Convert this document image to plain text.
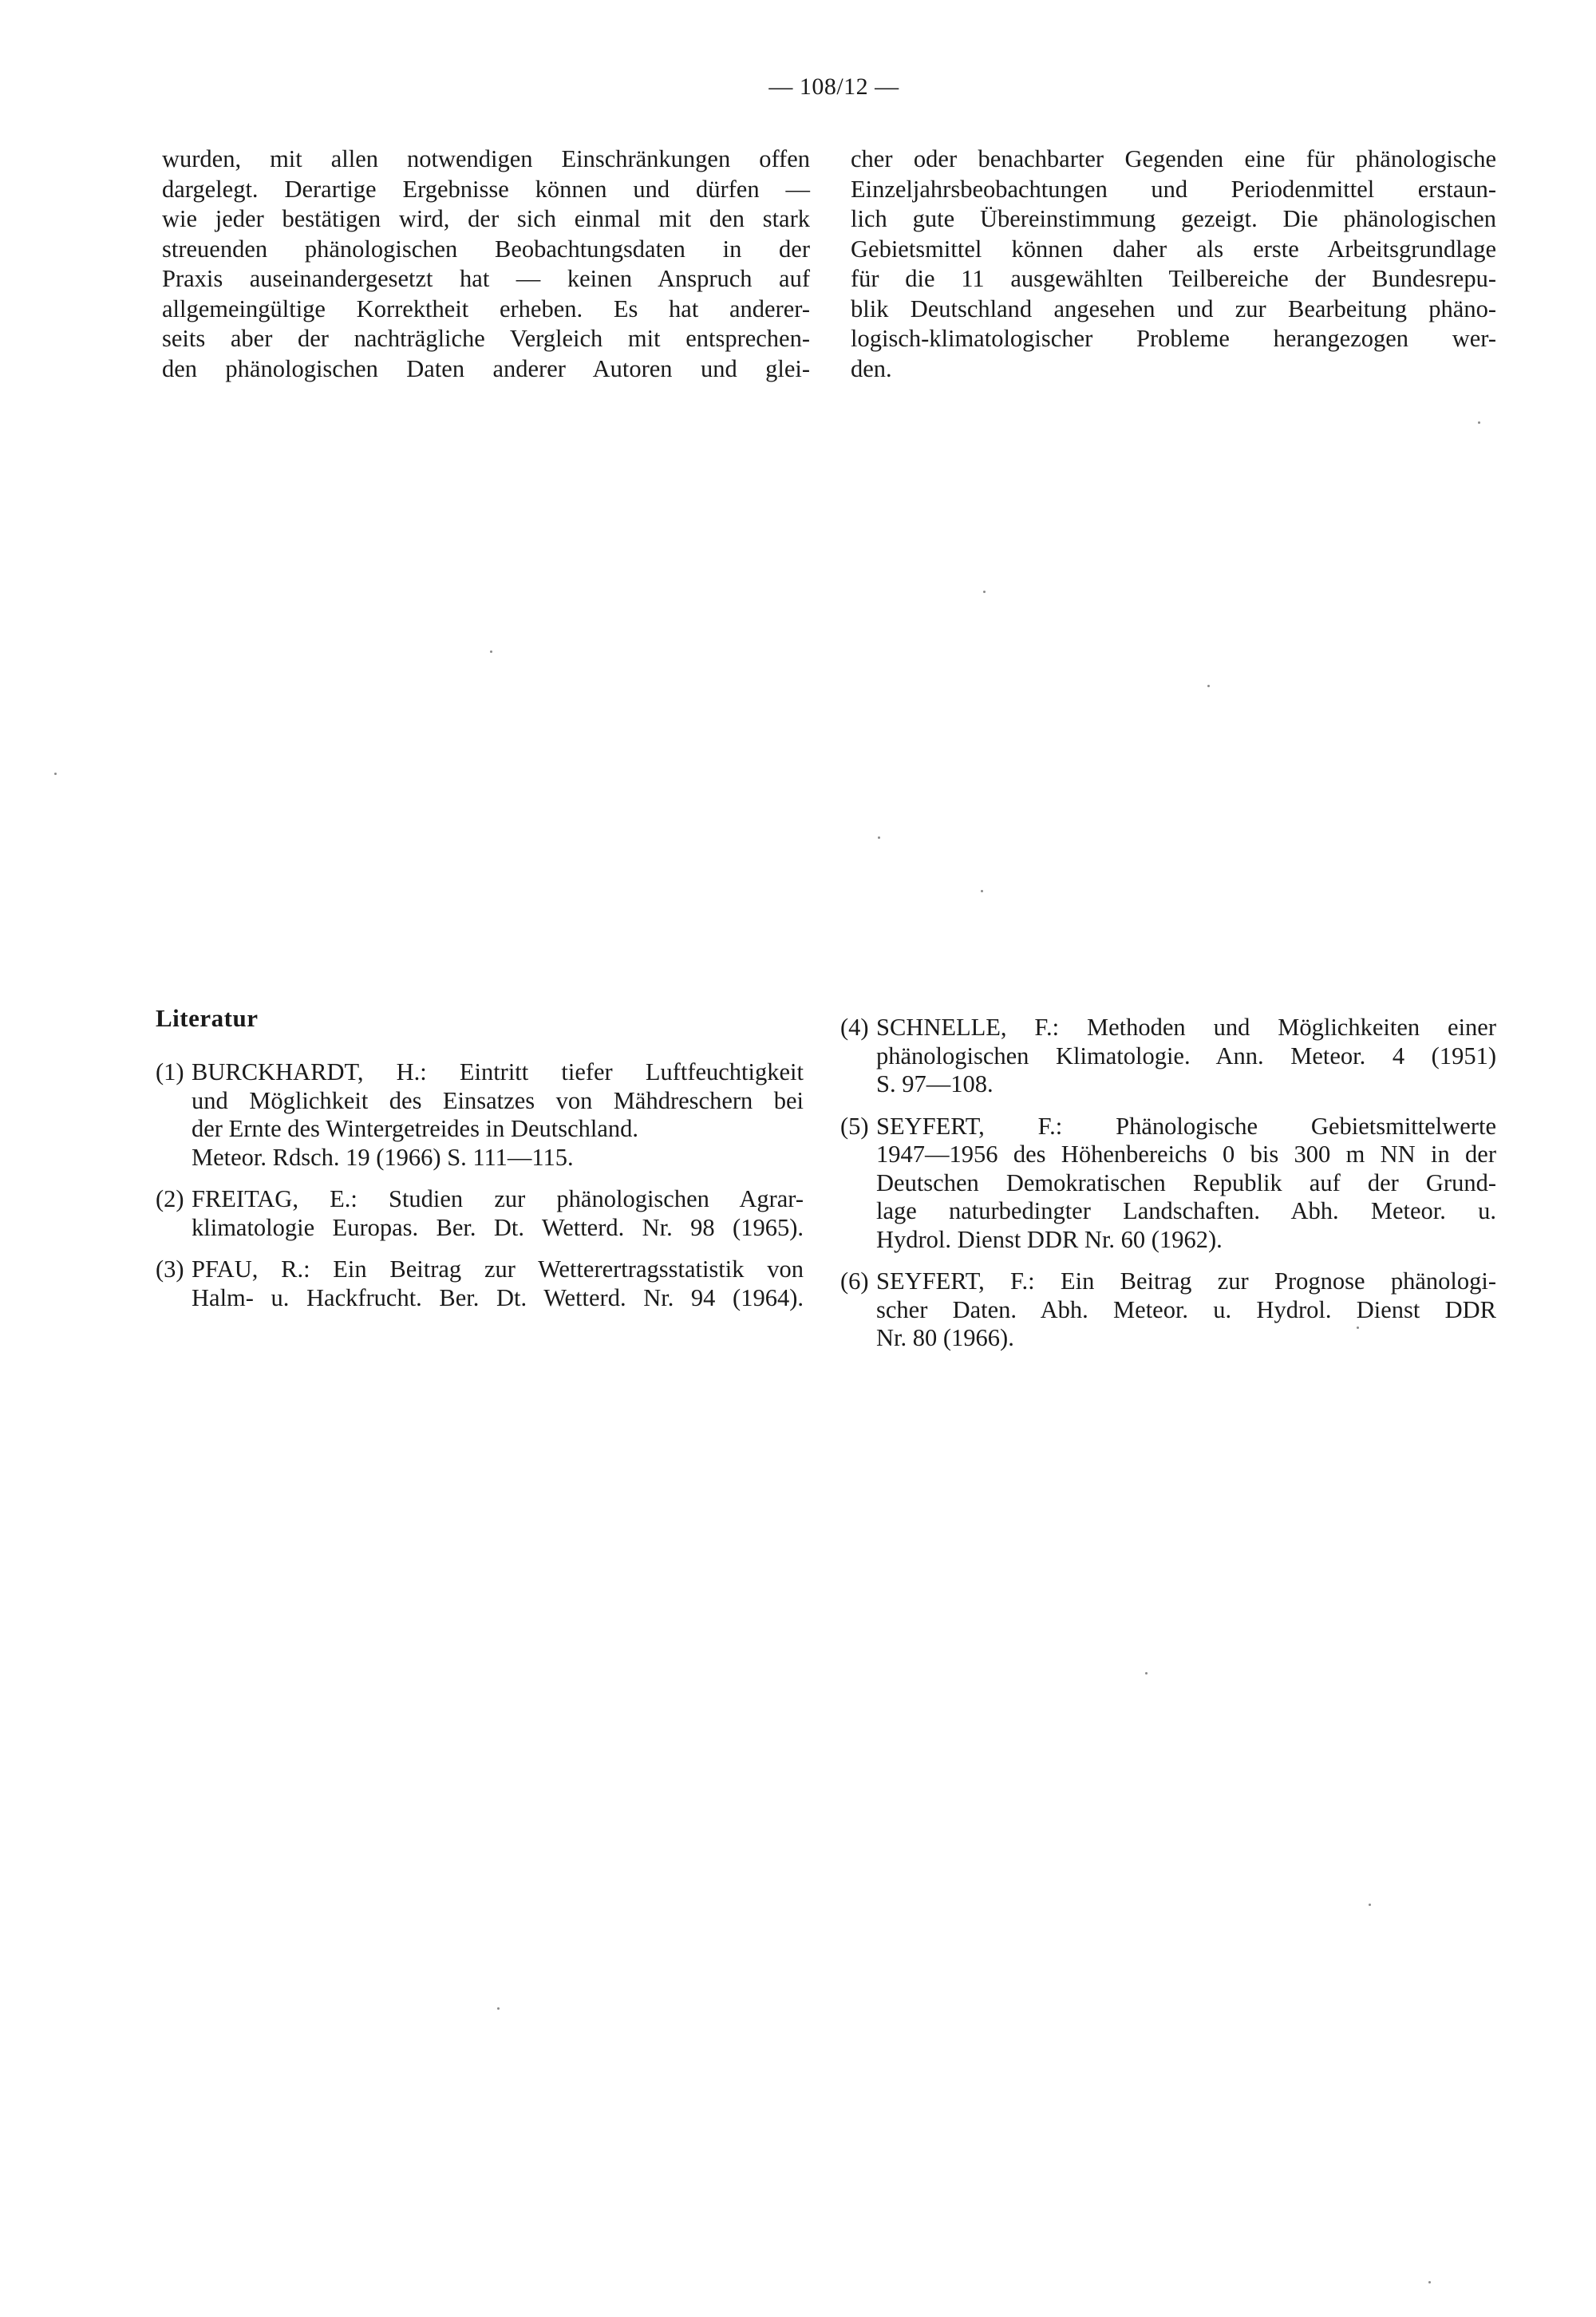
— 108/12 —
wurden, mit allen notwendigen Einschränkungen offen
dargelegt. Derartige Ergebnisse können und dürfen —
wie jeder bestätigen wird, der sich einmal mit den stark
streuenden phänologischen Beobachtungsdaten in der
Praxis auseinandergesetzt hat — keinen Anspruch auf
allgemeingültige Korrektheit erheben. Es hat anderer-
seits aber der nachträgliche Vergleich mit entsprechen-
den phänologischen Daten anderer Autoren und glei-
cher oder benachbarter Gegenden eine für phänologische
Einzeljahrsbeobachtungen und Periodenmittel erstaun-
lich gute Übereinstimmung gezeigt. Die phänologischen
Gebietsmittel können daher als erste Arbeitsgrundlage
für die 11 ausgewählten Teilbereiche der Bundesrepu-
blik Deutschland angesehen und zur Bearbeitung phäno-
logisch-klimatologischer Probleme herangezogen wer-
den.
Literatur
(1) BURCKHARDT, H.: Eintritt tiefer Luftfeuchtigkeit
und Möglichkeit des Einsatzes von Mähdreschern bei
der Ernte des Wintergetreides in Deutschland.
Meteor. Rdsch. 19 (1966) S. 111—115.
(2) FREITAG, E.: Studien zur phänologischen Agrar-
klimatologie Europas. Ber. Dt. Wetterd. Nr. 98 (1965).
(3) PFAU, R.: Ein Beitrag zur Wetterertragsstatistik von
Halm- u. Hackfrucht. Ber. Dt. Wetterd. Nr. 94 (1964).
(4) SCHNELLE, F.: Methoden und Möglichkeiten einer
phänologischen Klimatologie. Ann. Meteor. 4 (1951)
S. 97—108.
(5) SEYFERT, F.: Phänologische Gebietsmittelwerte
1947—1956 des Höhenbereichs 0 bis 300 m NN in der
Deutschen Demokratischen Republik auf der Grund-
lage naturbedingter Landschaften. Abh. Meteor. u.
Hydrol. Dienst DDR Nr. 60 (1962).
(6) SEYFERT, F.: Ein Beitrag zur Prognose phänologi-
scher Daten. Abh. Meteor. u. Hydrol. Dienst DDR
Nr. 80 (1966).
